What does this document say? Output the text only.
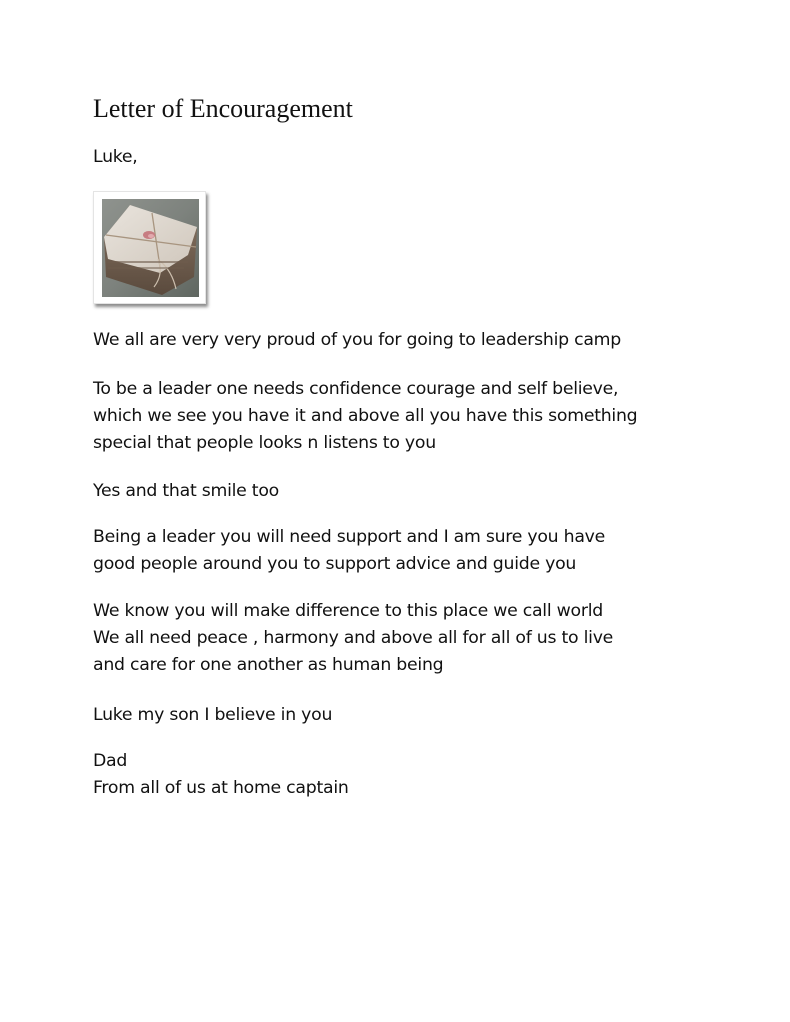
Letter of Encouragement
Luke,
We all are very very proud of you for going to leadership camp
To be a leader one needs confidence courage and self believe,
which we see you have it and above all you have this something
special that people looks n listens to you
Yes and that smile too
Being a leader you will need support and I am sure you have
good people around you to support advice and guide you
We know you will make difference to this place we call world
We all need peace , harmony and above all for all of us to live
and care for one another as human being
Luke my son I believe in you
Dad
From all of us at home captain
